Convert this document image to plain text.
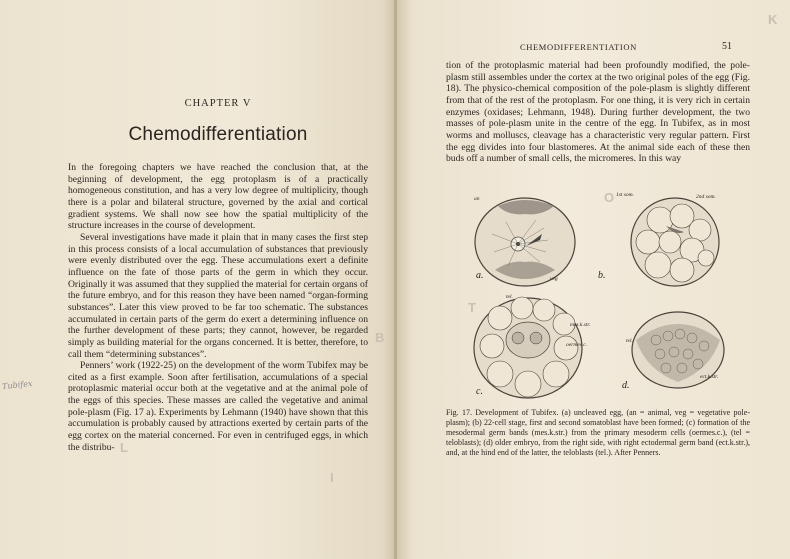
CHAPTER V
Chemodifferentiation

In the foregoing chapters we have reached the conclusion that, at the beginning of development, the egg protoplasm is of a practically homogeneous constitution, and has a very low degree of multiplicity, though there is a polar and bilateral structure, governed by the axial and cortical gradient systems. We shall now see how the spatial multiplicity of the structure increases in the course of development.

Several investigations have made it plain that in many cases the first step in this process consists of a local accumulation of substances that previously were evenly distributed over the egg. These accumulations exert a definite influence on the fate of those parts of the germ in which they occur. Originally it was assumed that they supplied the material for certain organs of the future embryo, and for this reason they have been named “organ-forming substances”. Later this view proved to be far too schematic. The substances accumulated in certain parts of the germ do exert a determining influence on the further development of these parts; they cannot, however, be regarded simply as building material for the organs concerned. It is better, therefore, to call them “determining substances”.

Penners’ work (1922-25) on the development of the worm Tubifex may be cited as a first example. Soon after fertilisation, accumulations of a special protoplasmic material occur both at the vegetative and at the animal pole of the eggs of this species. These masses are called the vegetative and animal pole-plasm (Fig. 17 a). Experiments by Lehmann (1940) have shown that this accumulation is probably caused by attractions exerted by certain parts of the egg cortex on the material concerned. For even in centrifuged eggs, in which the distribu-

Tubifex
L
I
B
CHEMODIFFERENTIATION	51

tion of the protoplasmic material had been profoundly modified, the pole-plasm still assembles under the cortex at the two original poles of the egg (Fig. 18). The physico-chemical composition of the pole-plasm is slightly different from that of the rest of the protoplasm. For one thing, it is very rich in certain enzymes (oxidases; Lehmann, 1948). During further development, the two masses of pole-plasm unite in the centre of the egg. In Tubifex, as in most worms and molluscs, cleavage has a characteristic very regular pattern. First the egg divides into four blastomeres. At the animal side each of these then buds off a number of small cells, the micromeres. In this way

T
O
K
a.	b.
c.
d.
an
veg
1st som.	2nd som.
tel.
mes.k.str.
oermes.c.
tel.
ect.k.str.
Fig. 17. Development of Tubifex. (a) uncleaved egg, (an = animal, veg = vegetative pole-plasm); (b) 22-cell stage, first and second somatoblast have been formed; (c) formation of the mesodermal germ bands (mes.k.str.) from the primary mesoderm cells (oermes.c.), (tel = teloblasts); (d) older embryo, from the right side, with right ectodermal germ band (ect.k.str.), and, at the hind end of the latter, the teloblasts (tel.). After Penners.
